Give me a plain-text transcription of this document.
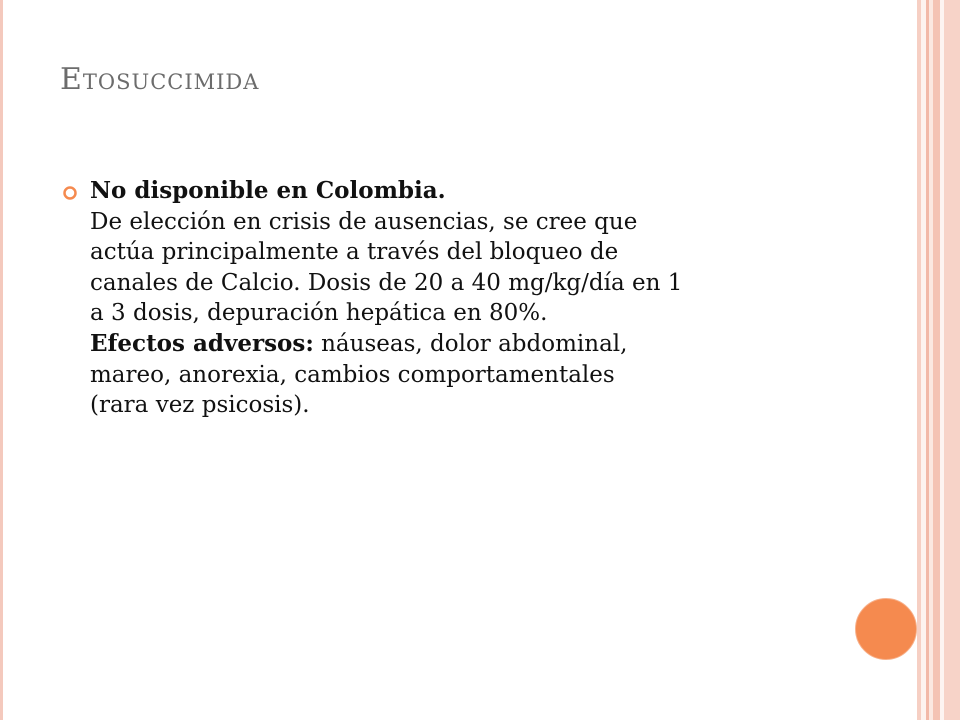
Etosuccimida
No disponible en Colombia.
De elección en crisis de ausencias, se cree que
actúa principalmente a través del bloqueo de
canales de Calcio. Dosis de 20 a 40 mg/kg/día en 1
a 3 dosis, depuración hepática en 80%.
Efectos adversos: náuseas, dolor abdominal,
mareo, anorexia, cambios comportamentales
(rara vez psicosis).
